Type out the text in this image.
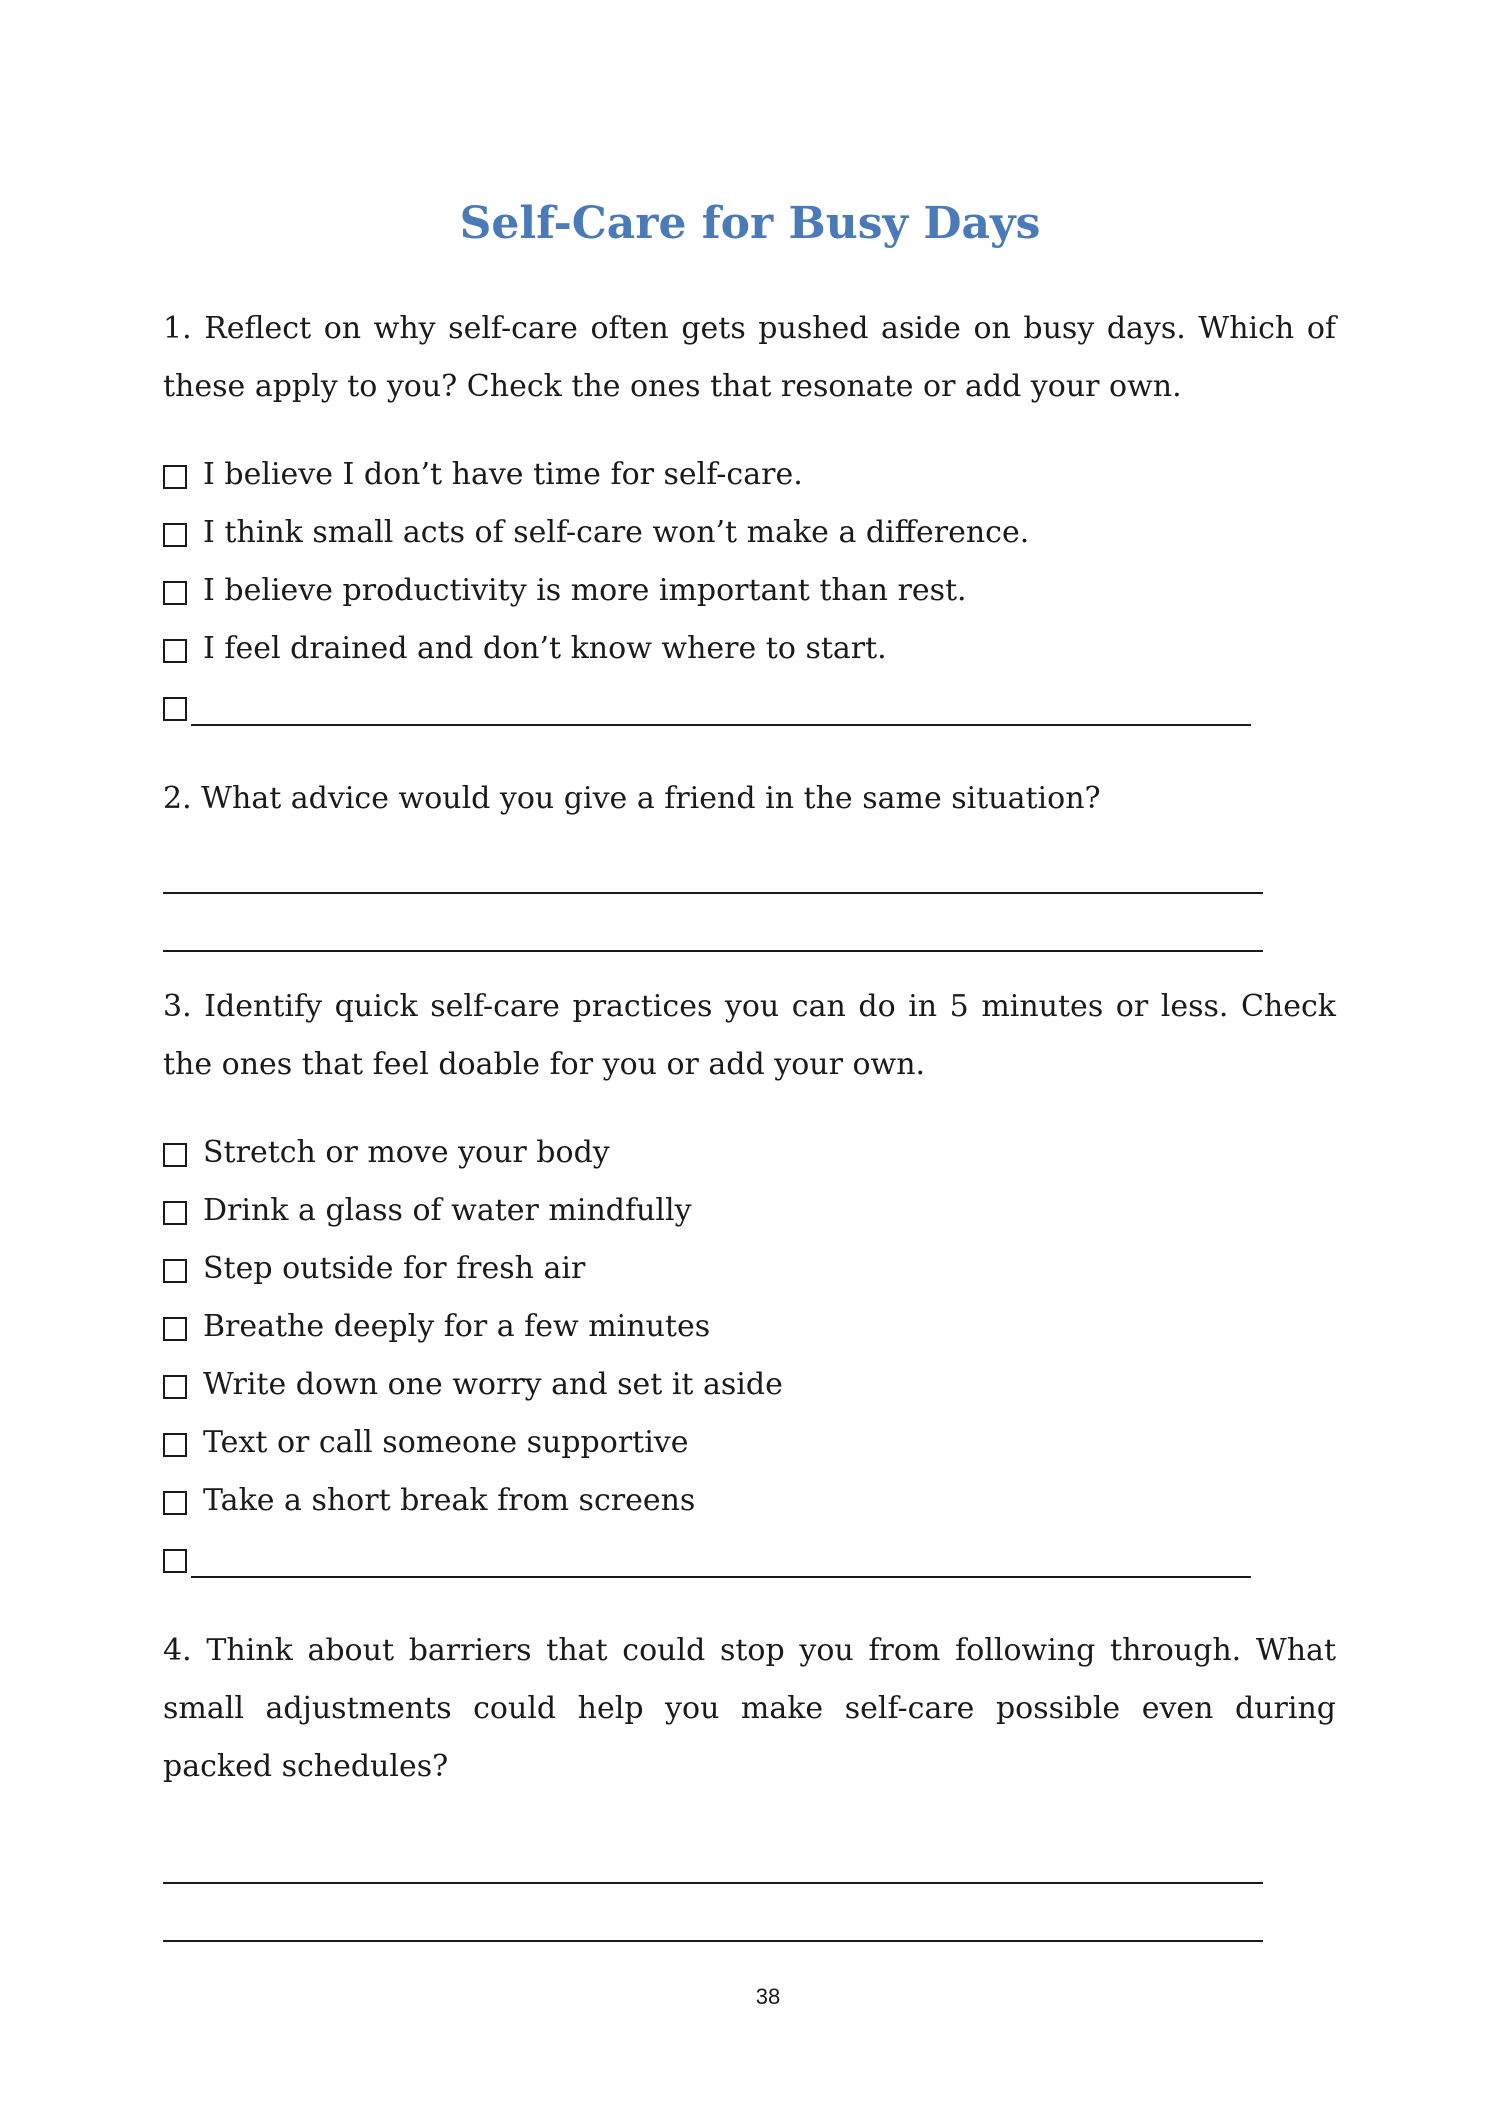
Self-Care for Busy Days

1. Reflect on why self-care often gets pushed aside on busy days. Which of these apply to you? Check the ones that resonate or add your own.

I believe I don’t have time for self-care.
I think small acts of self-care won’t make a difference.
I believe productivity is more important than rest.
I feel drained and don’t know where to start.

2. What advice would you give a friend in the same situation?

3. Identify quick self-care practices you can do in 5 minutes or less. Check the ones that feel doable for you or add your own.

Stretch or move your body
Drink a glass of water mindfully
Step outside for fresh air
Breathe deeply for a few minutes
Write down one worry and set it aside
Text or call someone supportive
Take a short break from screens

4. Think about barriers that could stop you from following through. What small adjustments could help you make self-care possible even during packed schedules?

38
